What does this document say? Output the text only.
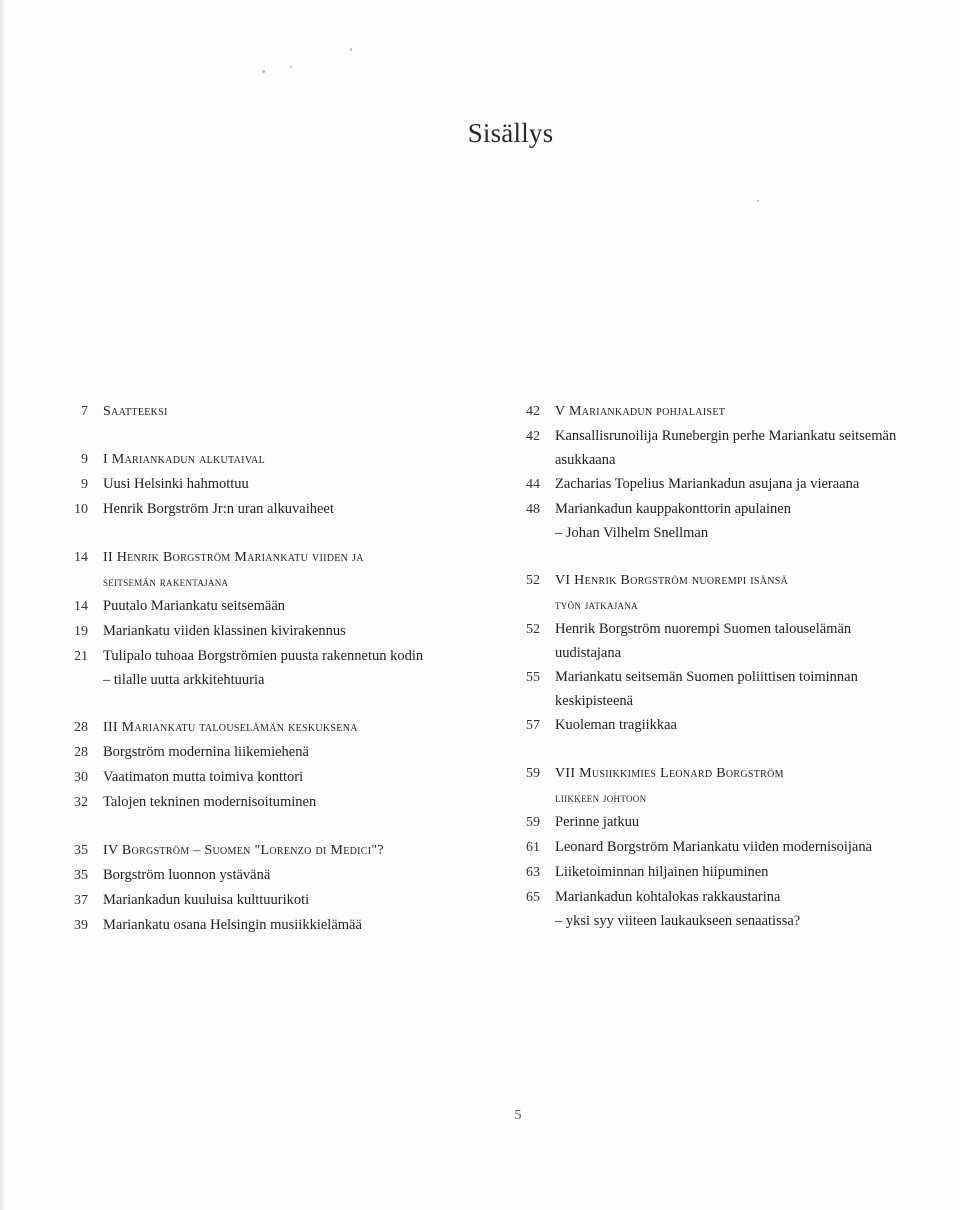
Sisällys
7 Saatteeksi
9 I Mariankadun alkutaival
9 Uusi Helsinki hahmottuu
10 Henrik Borgström Jr:n uran alkuvaiheet
14 II Henrik Borgström Mariankatu viiden ja
seitsemän rakentajana
14 Puutalo Mariankatu seitsemään
19 Mariankatu viiden klassinen kivirakennus
21 Tulipalo tuhoaa Borgströmien puusta rakennetun kodin
– tilalle uutta arkkitehtuuria
28 III Mariankatu talouselämän keskuksena
28 Borgström modernina liikemiehenä
30 Vaatimaton mutta toimiva konttori
32 Talojen tekninen modernisoituminen
35 IV Borgström – Suomen "Lorenzo di Medici"?
35 Borgström luonnon ystävänä
37 Mariankadun kuuluisa kulttuurikoti
39 Mariankatu osana Helsingin musiikkielämää
42 V Mariankadun pohjalaiset
42 Kansallisrunoilija Runebergin perhe Mariankatu seitsemän
asukkaana
44 Zacharias Topelius Mariankadun asujana ja vieraana
48 Mariankadun kauppakonttorin apulainen
– Johan Vilhelm Snellman
52 VI Henrik Borgström nuorempi isänsä
työn jatkajana
52 Henrik Borgström nuorempi Suomen talouselämän
uudistajana
55 Mariankatu seitsemän Suomen poliittisen toiminnan
keskipisteenä
57 Kuoleman tragiikkaa
59 VII Musiikkimies Leonard Borgström
liikkeen johtoon
59 Perinne jatkuu
61 Leonard Borgström Mariankatu viiden modernisoijana
63 Liiketoiminnan hiljainen hiipuminen
65 Mariankadun kohtalokas rakkaustarina
– yksi syy viiteen laukaukseen senaatissa?
5
